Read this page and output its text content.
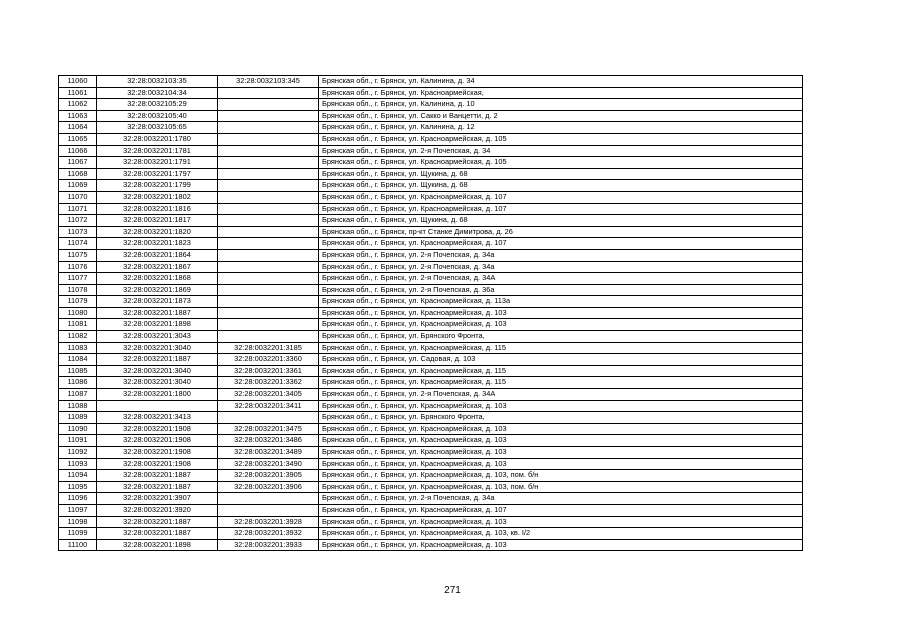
11060	32:28:0032103:35	32:28:0032103:345	Брянская обл., г. Брянск, ул. Калинина, д. 34
11061	32:28:0032104:34		Брянская обл., г. Брянск, ул. Красноармейская,
11062	32:28:0032105:29		Брянская обл., г. Брянск, ул. Калинина, д. 10
11063	32:28:0032105:40		Брянская обл., г. Брянск, ул. Сакко и Ванцетти, д. 2
11064	32:28:0032105:65		Брянская обл., г. Брянск, ул. Калинина, д. 12
11065	32:28:0032201:1780		Брянская обл., г. Брянск, ул. Красноармейская, д. 105
11066	32:28:0032201:1781		Брянская обл., г. Брянск, ул. 2-я Почепская, д. 34
11067	32:28:0032201:1791		Брянская обл., г. Брянск, ул. Красноармейская, д. 105
11068	32:28:0032201:1797		Брянская обл., г. Брянск, ул. Щукина, д. 68
11069	32:28:0032201:1799		Брянская обл., г. Брянск, ул. Щукина, д. 68
11070	32:28:0032201:1802		Брянская обл., г. Брянск, ул. Красноармейская, д. 107
11071	32:28:0032201:1816		Брянская обл., г. Брянск, ул. Красноармейская, д. 107
11072	32:28:0032201:1817		Брянская обл., г. Брянск, ул. Щукина, д. 68
11073	32:28:0032201:1820		Брянская обл., г. Брянск, пр-кт Станке Димитрова, д. 26
11074	32:28:0032201:1823		Брянская обл., г. Брянск, ул. Красноармейская, д. 107
11075	32:28:0032201:1864		Брянская обл., г. Брянск, ул. 2-я Почепская, д. 34а
11076	32:28:0032201:1867		Брянская обл., г. Брянск, ул. 2-я Почепская, д. 34а
11077	32:28:0032201:1868		Брянская обл., г. Брянск, ул. 2-я Почепская, д. 34А
11078	32:28:0032201:1869		Брянская обл., г. Брянск, ул. 2-я Почепская, д. 36а
11079	32:28:0032201:1873		Брянская обл., г. Брянск, ул. Красноармейская, д. 113а
11080	32:28:0032201:1887		Брянская обл., г. Брянск, ул. Красноармейская, д. 103
11081	32:28:0032201:1898		Брянская обл., г. Брянск, ул. Красноармейская, д. 103
11082	32:28:0032201:3043		Брянская обл., г. Брянск, ул. Брянского Фронта,
11083	32:28:0032201:3040	32:28:0032201:3185	Брянская обл., г. Брянск, ул. Красноармейская, д. 115
11084	32:28:0032201:1887	32:28:0032201:3360	Брянская обл., г. Брянск, ул. Садовая, д. 103
11085	32:28:0032201:3040	32:28:0032201:3361	Брянская обл., г. Брянск, ул. Красноармейская, д. 115
11086	32:28:0032201:3040	32:28:0032201:3362	Брянская обл., г. Брянск, ул. Красноармейская, д. 115
11087	32:28:0032201:1800	32:28:0032201:3405	Брянская обл., г. Брянск, ул. 2-я Почепская, д. 34А
11088		32:28:0032201:3411	Брянская обл., г. Брянск, ул. Красноармейская, д. 103
11089	32:28:0032201:3413		Брянская обл., г. Брянск, ул. Брянского Фронта,
11090	32:28:0032201:1908	32:28:0032201:3475	Брянская обл., г. Брянск, ул. Красноармейская, д. 103
11091	32:28:0032201:1908	32:28:0032201:3486	Брянская обл., г. Брянск, ул. Красноармейская, д. 103
11092	32:28:0032201:1908	32:28:0032201:3489	Брянская обл., г. Брянск, ул. Красноармейская, д. 103
11093	32:28:0032201:1908	32:28:0032201:3490	Брянская обл., г. Брянск, ул. Красноармейская, д. 103
11094	32:28:0032201:1887	32:28:0032201:3905	Брянская обл., г. Брянск, ул. Красноармейская, д. 103, пом. б/н
11095	32:28:0032201:1887	32:28:0032201:3906	Брянская обл., г. Брянск, ул. Красноармейская, д. 103, пом. б/н
11096	32:28:0032201:3907		Брянская обл., г. Брянск, ул. 2-я Почепская, д. 34а
11097	32:28:0032201:3920		Брянская обл., г. Брянск, ул. Красноармейская, д. 107
11098	32:28:0032201:1887	32:28:0032201:3928	Брянская обл., г. Брянск, ул. Красноармейская, д. 103
11099	32:28:0032201:1887	32:28:0032201:3932	Брянская обл., г. Брянск, ул. Красноармейская, д. 103, кв. I/2
11100	32:28:0032201:1898	32:28:0032201:3933	Брянская обл., г. Брянск, ул. Красноармейская, д. 103
271
